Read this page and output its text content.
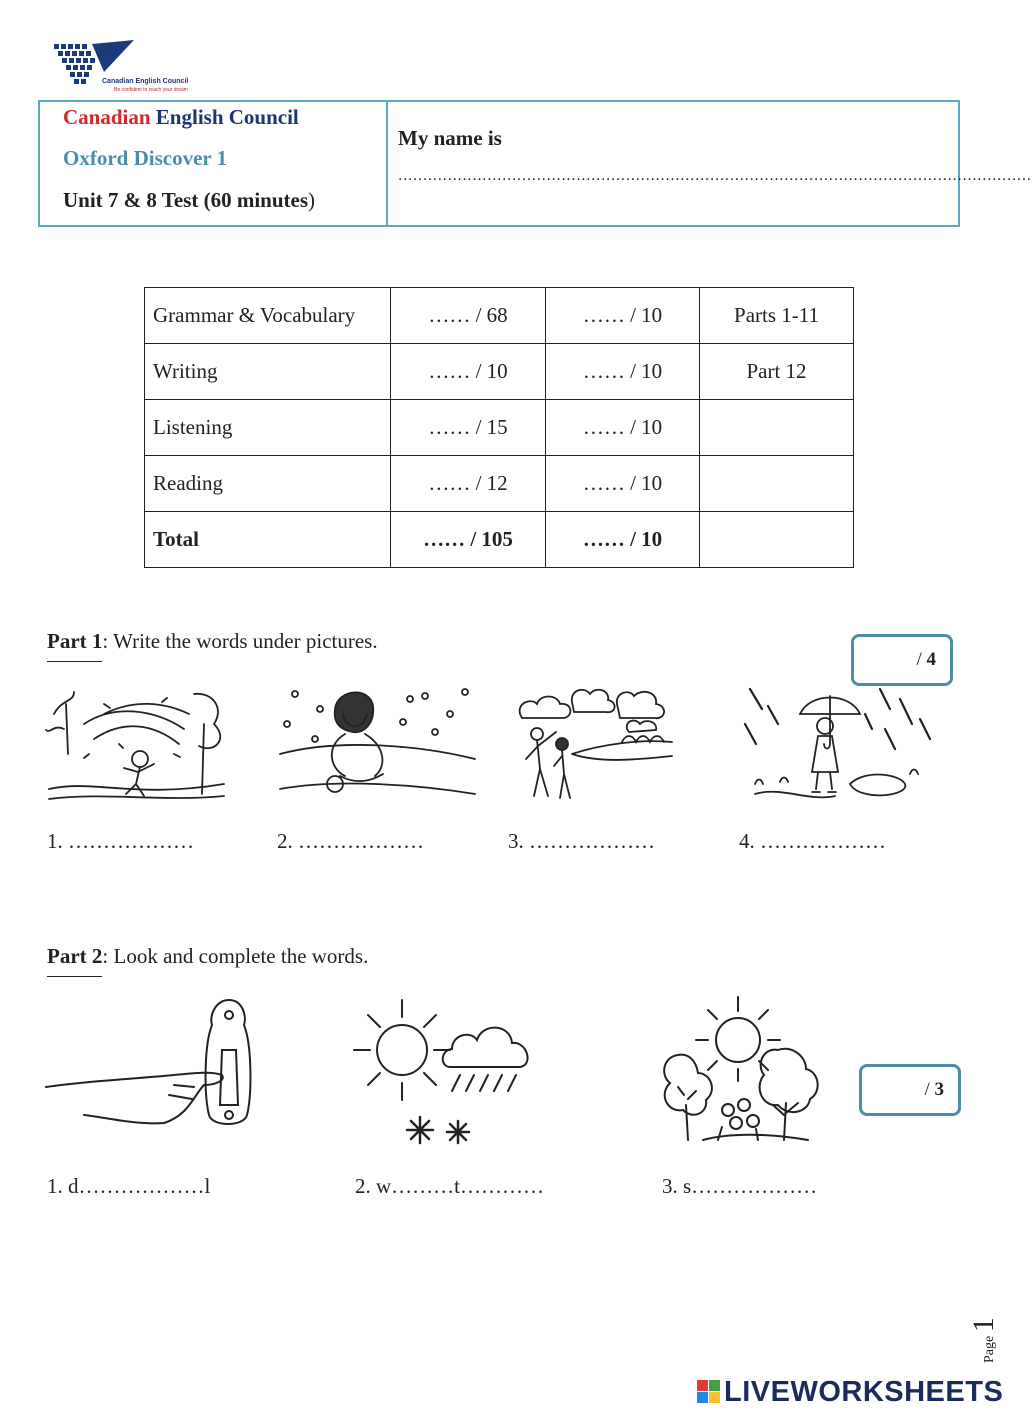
Canadian English Council
Be confident to reach your dream
Canadian English Council
Oxford Discover 1
Unit 7 & 8 Test (60 minutes)
My name is
................................................................................................................................
Grammar & Vocabulary	…… / 68	…… / 10	Parts 1-11
Writing	…… / 10	…… / 10	Part 12
Listening	…… / 15	…… / 10	
Reading	…… / 12	…… / 10	
Total	…… / 105	…… / 10	
Part 1: Write the words under pictures.
/ 4
1. ………………	2. ………………	3. ………………	4. ………………
Part 2: Look and complete the words.
/ 3
1. d………………l	2. w………t…………	3. s………………
Page 1
LIVEWORKSHEETS
